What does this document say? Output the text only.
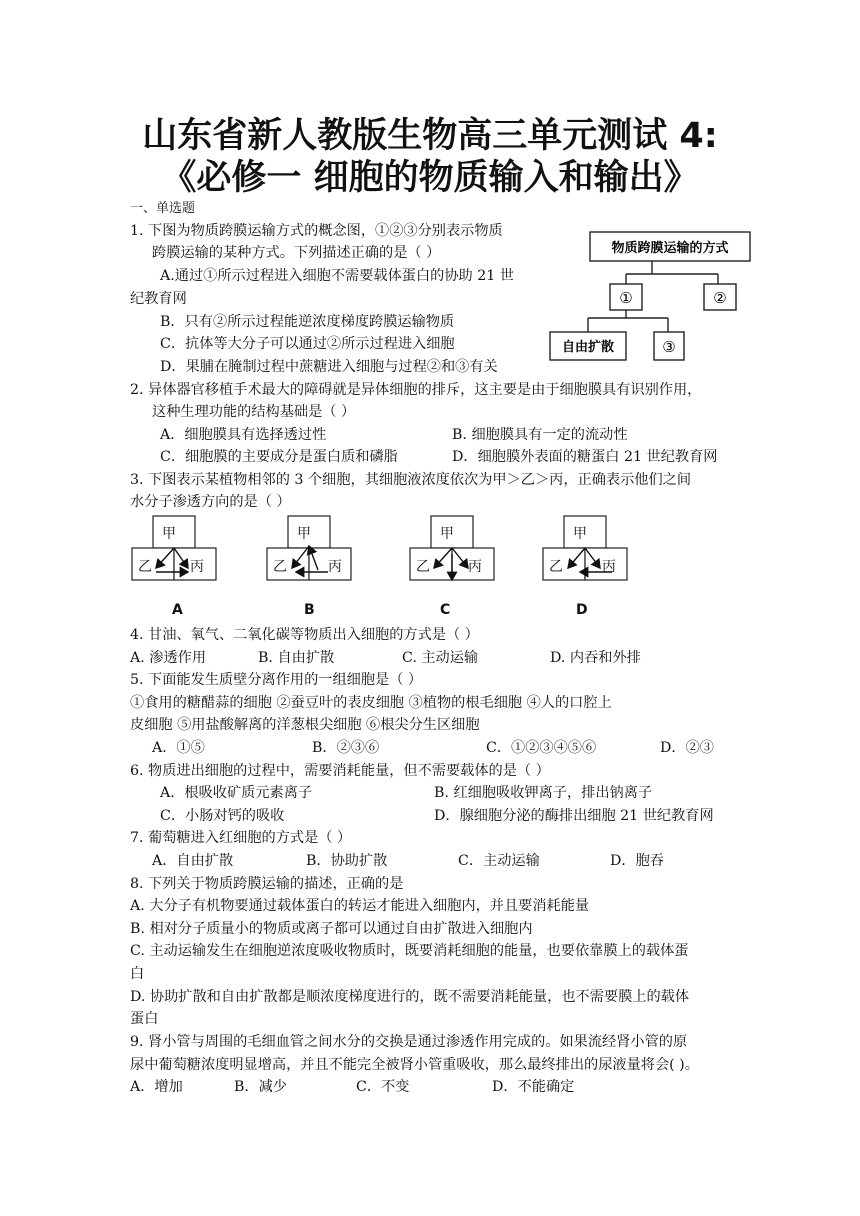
山东省新人教版生物高三单元测试 4:
《必修一 细胞的物质输入和输出》
一、单选题
1. 下图为物质跨膜运输方式的概念图，①②③分别表示物质
跨膜运输的某种方式。下列描述正确的是（ ）
A.通过①所示过程进入细胞不需要载体蛋白的协助 21 世
纪教育网
B．只有②所示过程能逆浓度梯度跨膜运输物质
C．抗体等大分子可以通过②所示过程进入细胞
D．果脯在腌制过程中蔗糖进入细胞与过程②和③有关
物质跨膜运输的方式
①	②
自由扩散	③
2. 异体器官移植手术最大的障碍就是异体细胞的排斥，这主要是由于细胞膜具有识别作用，
这种生理功能的结构基础是（ ）
A．细胞膜具有选择透过性	B. 细胞膜具有一定的流动性
C．细胞膜的主要成分是蛋白质和磷脂	D．细胞膜外表面的糖蛋白 21 世纪教育网
3. 下图表示某植物相邻的 3 个细胞，其细胞液浓度依次为甲＞乙＞丙，正确表示他们之间
水分子渗透方向的是（ ）
甲
乙	丙
甲
乙	丙
甲
乙	丙
甲
乙	丙
A	B	C	D
4. 甘油、氧气、二氧化碳等物质出入细胞的方式是（ ）
A. 渗透作用	B. 自由扩散	C. 主动运输	D. 内吞和外排
5. 下面能发生质壁分离作用的一组细胞是（ ）
①食用的糖醋蒜的细胞 ②蚕豆叶的表皮细胞 ③植物的根毛细胞 ④人的口腔上
皮细胞 ⑤用盐酸解离的洋葱根尖细胞 ⑥根尖分生区细胞
A．①⑤	B．②③⑥	C．①②③④⑤⑥	D．②③
6. 物质进出细胞的过程中，需要消耗能量，但不需要载体的是（ ）
A．根吸收矿质元素离子	B. 红细胞吸收钾离子，排出钠离子
C．小肠对钙的吸收	D．腺细胞分泌的酶排出细胞 21 世纪教育网
7. 葡萄糖进入红细胞的方式是（ ）
A．自由扩散	B．协助扩散	C．主动运输	D．胞吞
8. 下列关于物质跨膜运输的描述，正确的是
A. 大分子有机物要通过载体蛋白的转运才能进入细胞内，并且要消耗能量
B. 相对分子质量小的物质或离子都可以通过自由扩散进入细胞内
C. 主动运输发生在细胞逆浓度吸收物质时，既要消耗细胞的能量，也要依靠膜上的载体蛋
白
D. 协助扩散和自由扩散都是顺浓度梯度进行的，既不需要消耗能量，也不需要膜上的载体
蛋白
9. 肾小管与周围的毛细血管之间水分的交换是通过渗透作用完成的。如果流经肾小管的原
尿中葡萄糖浓度明显增高，并且不能完全被肾小管重吸收，那么最终排出的尿液量将会( )。
A．增加	B．减少	C．不变	D．不能确定
